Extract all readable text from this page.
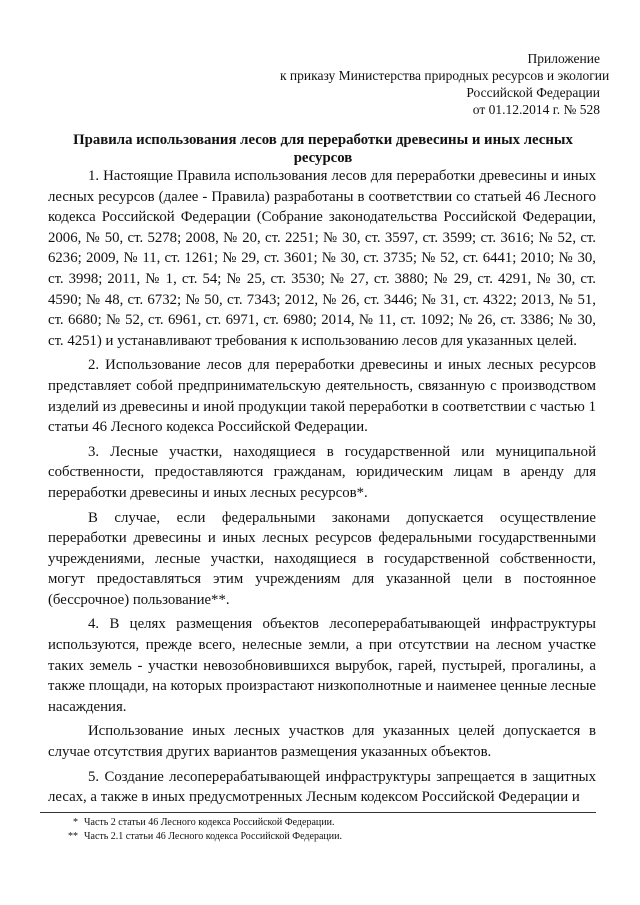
Приложение
к приказу Министерства природных ресурсов и экологии
Российской Федерации
от 01.12.2014 г. № 528
Правила использования лесов для переработки древесины и иных лесных ресурсов

1. Настоящие Правила использования лесов для переработки древесины и иных лесных ресурсов (далее - Правила) разработаны в соответствии со статьей 46 Лесного кодекса Российской Федерации (Собрание законодательства Российской Федерации, 2006, № 50, ст. 5278; 2008, № 20, ст. 2251; № 30, ст. 3597, ст. 3599; ст. 3616; № 52, ст. 6236; 2009, № 11, ст. 1261; № 29, ст. 3601; № 30, ст. 3735; № 52, ст. 6441; 2010; № 30, ст. 3998; 2011, № 1, ст. 54; № 25, ст. 3530; № 27, ст. 3880; № 29, ст. 4291, № 30, ст. 4590; № 48, ст. 6732; № 50, ст. 7343; 2012, № 26, ст. 3446; № 31, ст. 4322; 2013, № 51, ст. 6680; № 52, ст. 6961, ст. 6971, ст. 6980; 2014, № 11, ст. 1092; № 26, ст. 3386; № 30, ст. 4251) и устанавливают требования к использованию лесов для указанных целей.

2. Использование лесов для переработки древесины и иных лесных ресурсов представляет собой предпринимательскую деятельность, связанную с производством изделий из древесины и иной продукции такой переработки в соответствии с частью 1 статьи 46 Лесного кодекса Российской Федерации.

3. Лесные участки, находящиеся в государственной или муниципальной собственности, предоставляются гражданам, юридическим лицам в аренду для переработки древесины и иных лесных ресурсов*.

В случае, если федеральными законами допускается осуществление переработки древесины и иных лесных ресурсов федеральными государственными учреждениями, лесные участки, находящиеся в государственной собственности, могут предоставляться этим учреждениям для указанной цели в постоянное (бессрочное) пользование**.

4. В целях размещения объектов лесоперерабатывающей инфраструктуры используются, прежде всего, нелесные земли, а при отсутствии на лесном участке таких земель - участки невозобновившихся вырубок, гарей, пустырей, прогалины, а также площади, на которых произрастают низкополнотные и наименее ценные лесные насаждения.

Использование иных лесных участков для указанных целей допускается в случае отсутствия других вариантов размещения указанных объектов.

5. Создание лесоперерабатывающей инфраструктуры запрещается в защитных лесах, а также в иных предусмотренных Лесным кодексом Российской Федерации и

* Часть 2 статьи 46 Лесного кодекса Российской Федерации.
** Часть 2.1 статьи 46 Лесного кодекса Российской Федерации.
